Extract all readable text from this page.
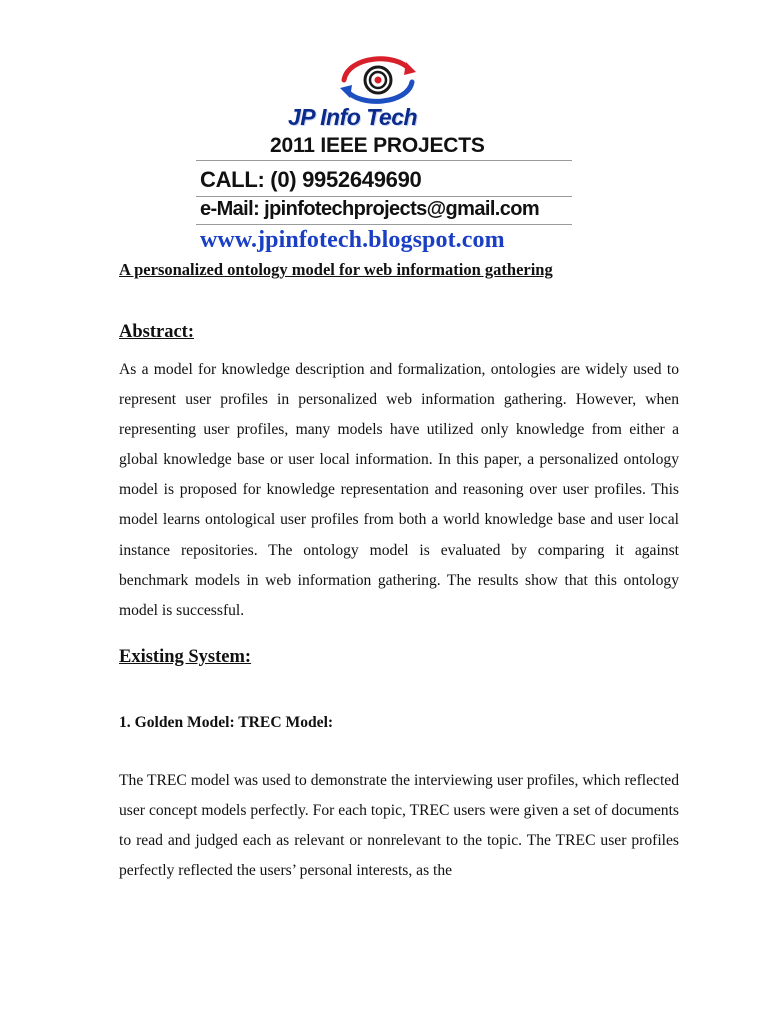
JP Info Tech
2011 IEEE PROJECTS
CALL: (0) 9952649690
e-Mail: jpinfotechprojects@gmail.com
www.jpinfotech.blogspot.com
A personalized ontology model for web information gathering
Abstract:
As a model for knowledge description and formalization, ontologies are widely used to represent user profiles in personalized web information gathering. However, when representing user profiles, many models have utilized only knowledge from either a global knowledge base or user local information. In this paper, a personalized ontology model is proposed for knowledge representation and reasoning over user profiles. This model learns ontological user profiles from both a world knowledge base and user local instance repositories. The ontology model is evaluated by comparing it against benchmark models in web information gathering. The results show that this ontology model is successful.
Existing System:
1. Golden Model: TREC Model:
The TREC model was used to demonstrate the interviewing user profiles, which reflected user concept models perfectly. For each topic, TREC users were given a set of documents to read and judged each as relevant or nonrelevant to the topic. The TREC user profiles perfectly reflected the users’ personal interests, as the
